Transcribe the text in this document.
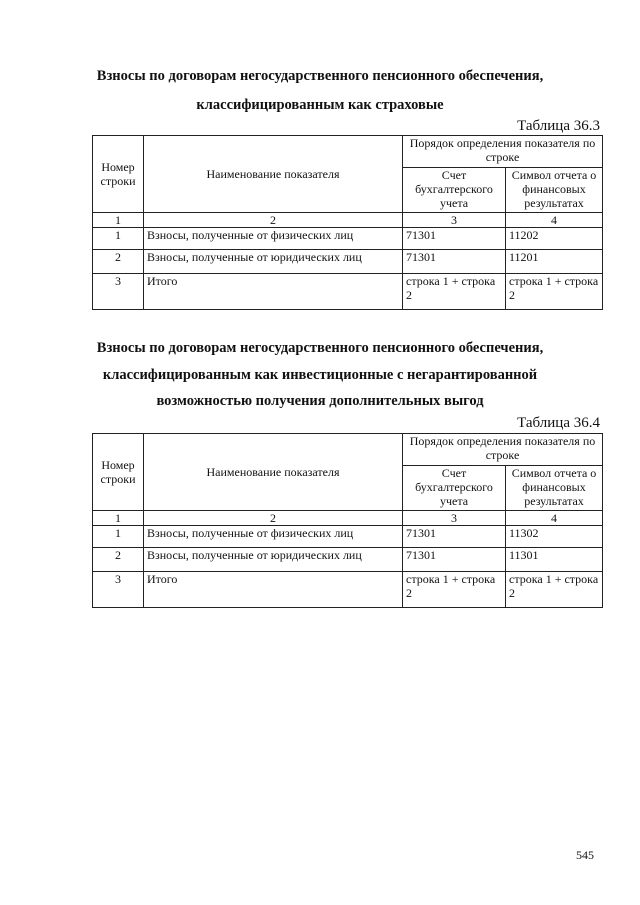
Взносы по договорам негосударственного пенсионного обеспечения,
классифицированным как страховые
Таблица 36.3
Номер строки	Наименование показателя	Порядок определения показателя по строке	
		Счет бухгалтерского учета	Символ отчета о финансовых результатах
1	2	3	4
1	Взносы, полученные от физических лиц	71301	11202
2	Взносы, полученные от юридических лиц	71301	11201
3	Итого	строка 1 + строка 2	строка 1 + строка 2
Взносы по договорам негосударственного пенсионного обеспечения,
классифицированным как инвестиционные с негарантированной
возможностью получения дополнительных выгод
Таблица 36.4
Номер строки	Наименование показателя	Порядок определения показателя по строке	
		Счет бухгалтерского учета	Символ отчета о финансовых результатах
1	2	3	4
1	Взносы, полученные от физических лиц	71301	11302
2	Взносы, полученные от юридических лиц	71301	11301
3	Итого	строка 1 + строка 2	строка 1 + строка 2
545
